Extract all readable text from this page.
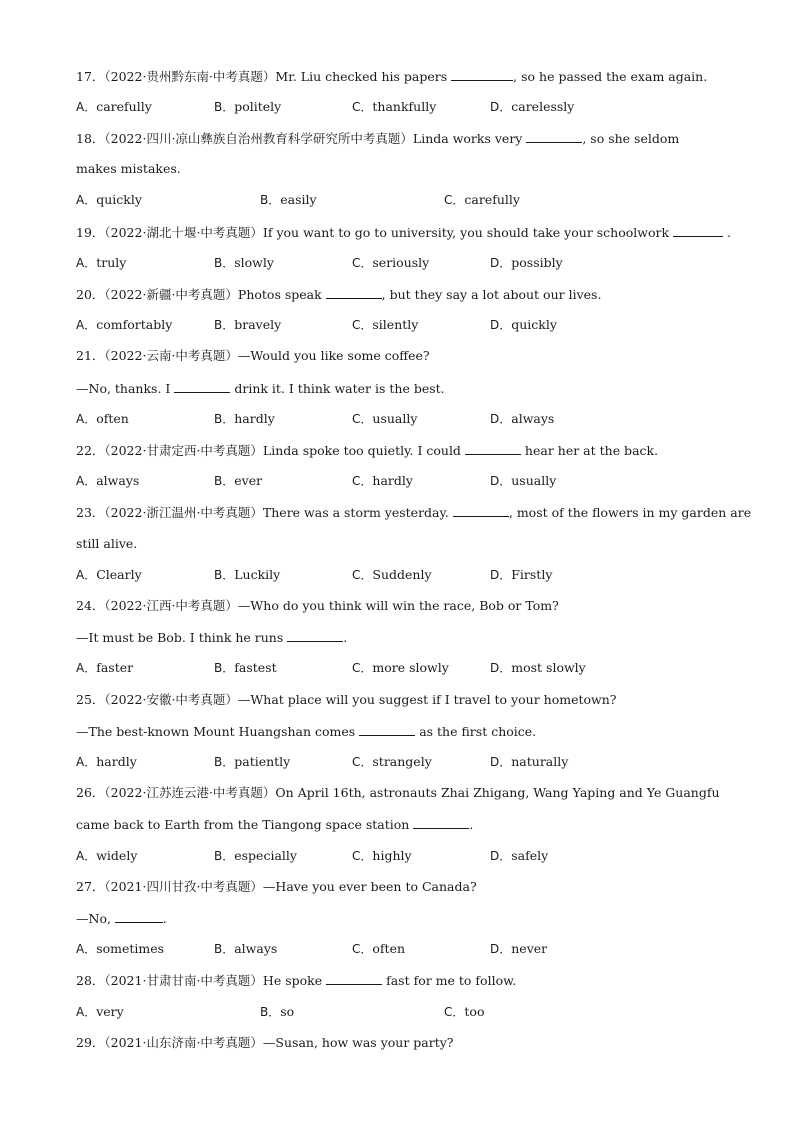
17．（2022·贵州黔东南·中考真题）Mr. Liu checked his papers	, so he passed the exam again.
A．carefully	B．politely	C．thankfully	D．carelessly
18．（2022·四川·凉山彝族自治州教育科学研究所中考真题）Linda works very	, so she seldom
makes mistakes.
A．quickly	B．easily	C．carefully
19．（2022·湖北十堰·中考真题）If you want to go to university, you should take your schoolwork	.
A．truly	B．slowly	C．seriously	D．possibly
20．（2022·新疆·中考真题）Photos speak	, but they say a lot about our lives.
A．comfortably	B．bravely	C．silently	D．quickly
21．（2022·云南·中考真题）—Would you like some coffee?
—No, thanks. I	drink it. I think water is the best.
A．often	B．hardly	C．usually	D．always
22．（2022·甘肃定西·中考真题）Linda spoke too quietly. I could	hear her at the back.
A．always	B．ever	C．hardly	D．usually
23．（2022·浙江温州·中考真题）There was a storm yesterday.	, most of the flowers in my garden are
still alive.
A．Clearly	B．Luckily	C．Suddenly	D．Firstly
24．（2022·江西·中考真题）—Who do you think will win the race, Bob or Tom?
—It must be Bob. I think he runs	.
A．faster	B．fastest	C．more slowly	D．most slowly
25．（2022·安徽·中考真题）—What place will you suggest if I travel to your hometown?
—The best-known Mount Huangshan comes	as the first choice.
A．hardly	B．patiently	C．strangely	D．naturally
26．（2022·江苏连云港·中考真题）On April 16th, astronauts Zhai Zhigang, Wang Yaping and Ye Guangfu
came back to Earth from the Tiangong space station	.
A．widely	B．especially	C．highly	D．safely
27．（2021·四川甘孜·中考真题）—Have you ever been to Canada?
—No,	.
A．sometimes	B．always	C．often	D．never
28．（2021·甘肃甘南·中考真题）He spoke	fast for me to follow.
A．very	B．so	C．too
29．（2021·山东济南·中考真题）—Susan, how was your party?
